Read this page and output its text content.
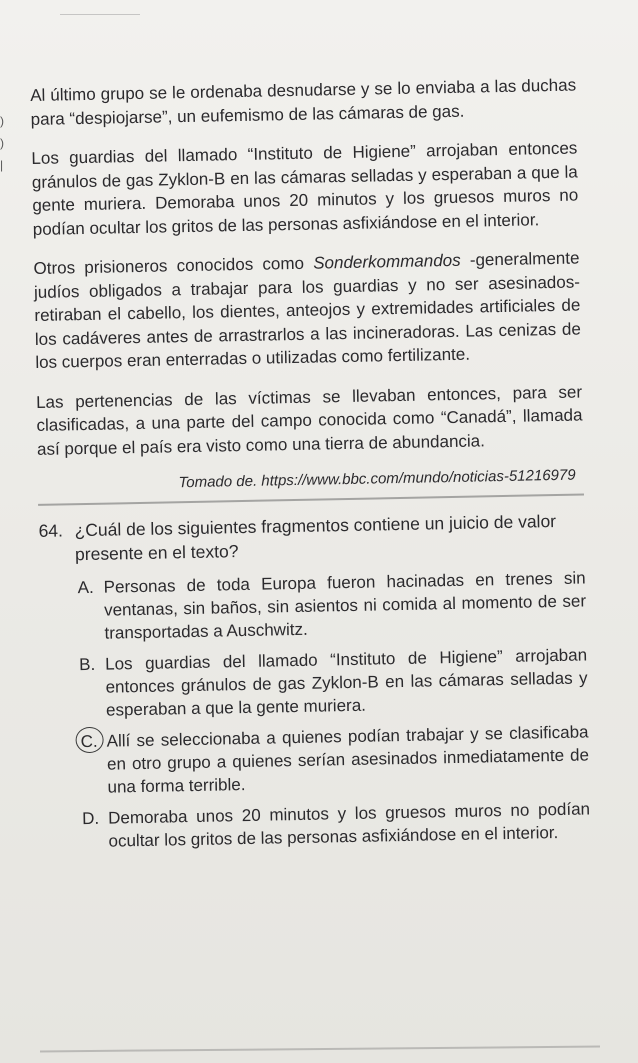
)
)
|

Al último grupo se le ordenaba desnudarse y se lo enviaba a las duchas para “despiojarse”, un eufemismo de las cámaras de gas.

Los guardias del llamado “Instituto de Higiene” arrojaban entonces gránulos de gas Zyklon-B en las cámaras selladas y esperaban a que la gente muriera. Demoraba unos 20 minutos y los gruesos muros no podían ocultar los gritos de las personas asfixiándose en el interior.

Otros prisioneros conocidos como Sonderkommandos -generalmente judíos obligados a trabajar para los guardias y no ser asesinados- retiraban el cabello, los dientes, anteojos y extremidades artificiales de los cadáveres antes de arrastrarlos a las incineradoras. Las cenizas de los cuerpos eran enterradas o utilizadas como fertilizante.

Las pertenencias de las víctimas se llevaban entonces, para ser clasificadas, a una parte del campo conocida como “Canadá”, llamada así porque el país era visto como una tierra de abundancia.

Tomado de. https://www.bbc.com/mundo/noticias-51216979
64. ¿Cuál de los siguientes fragmentos contiene un juicio de valor presente en el texto?
A. Personas de toda Europa fueron hacinadas en trenes sin ventanas, sin baños, sin asientos ni comida al momento de ser transportadas a Auschwitz.
B. Los guardias del llamado “Instituto de Higiene” arrojaban entonces gránulos de gas Zyklon-B en las cámaras selladas y esperaban a que la gente muriera.
C. Allí se seleccionaba a quienes podían trabajar y se clasificaba en otro grupo a quienes serían asesinados inmediatamente de una forma terrible.
D. Demoraba unos 20 minutos y los gruesos muros no podían ocultar los gritos de las personas asfixiándose en el interior.
